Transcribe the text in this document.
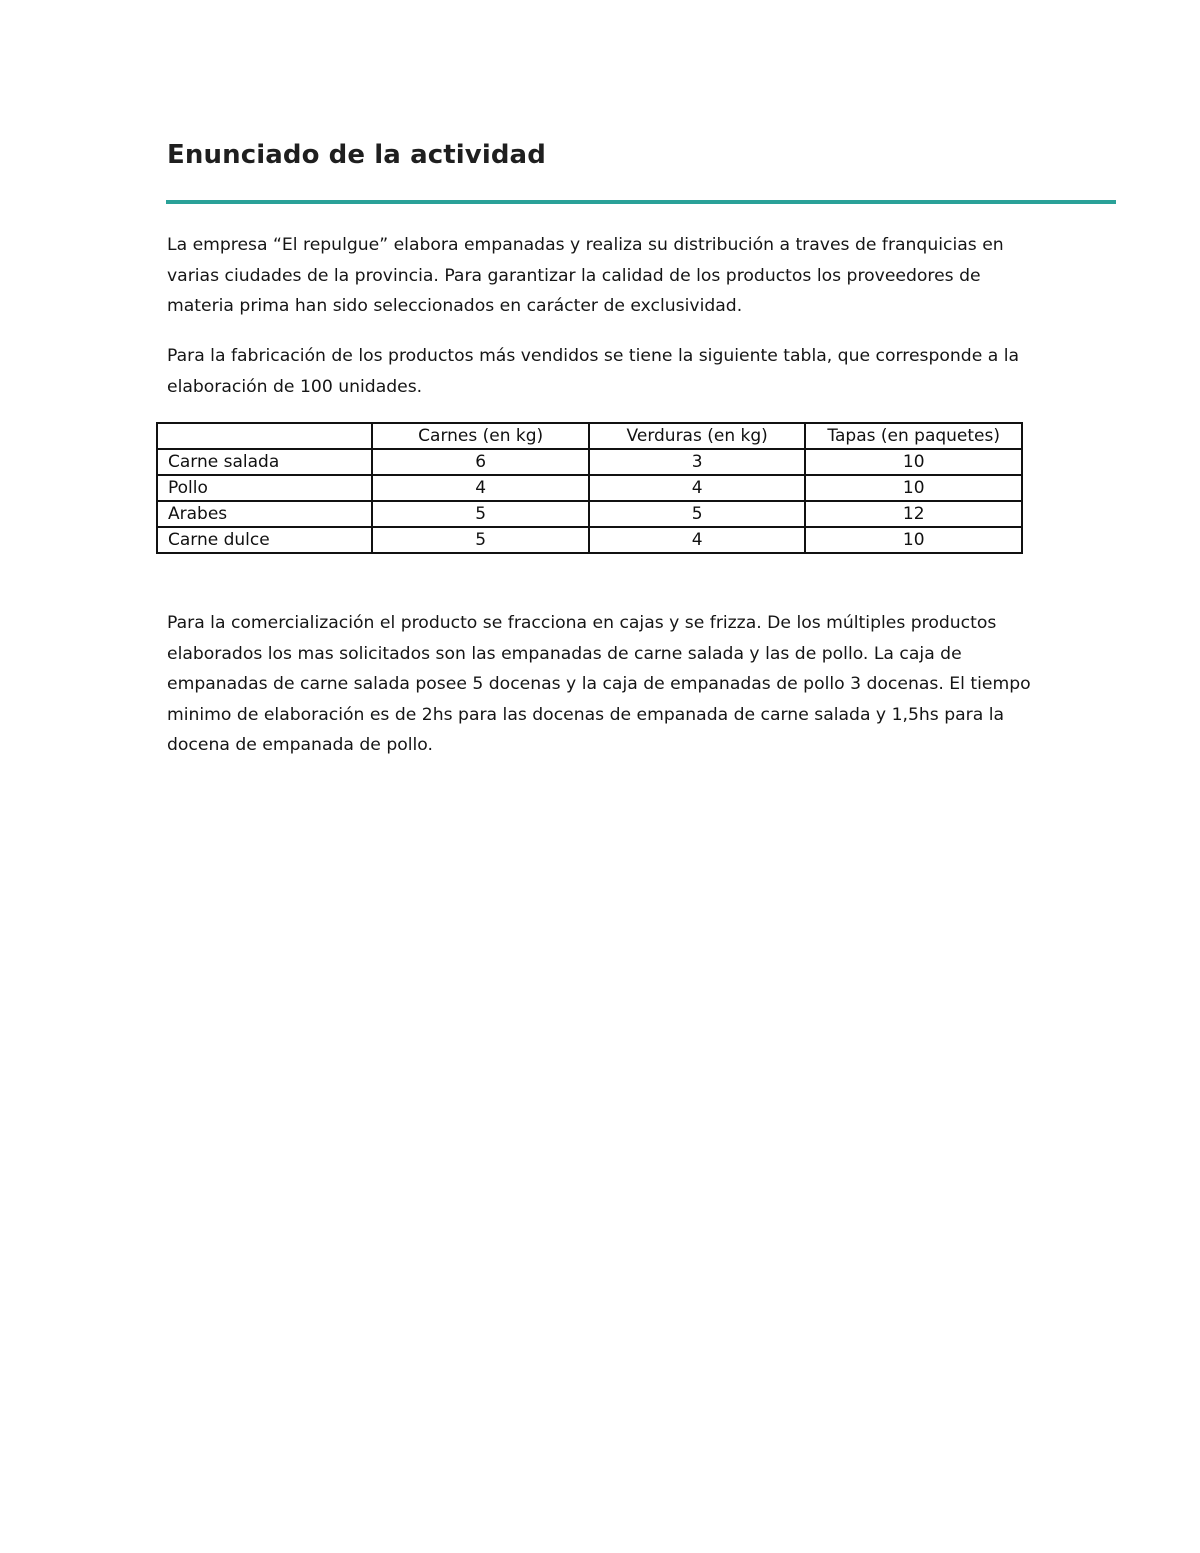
Enunciado de la actividad

La empresa “El repulgue” elabora empanadas y realiza su distribución a traves de franquicias en varias ciudades de la provincia. Para garantizar la calidad de los productos los proveedores de materia prima han sido seleccionados en carácter de exclusividad.

Para la fabricación de los productos más vendidos se tiene la siguiente tabla, que corresponde a la elaboración de 100 unidades.

	Carnes (en kg)	Verduras (en kg)	Tapas (en paquetes)
Carne salada	6	3	10
Pollo	4	4	10
Arabes	5	5	12
Carne dulce	5	4	10

Para la comercialización el producto se fracciona en cajas y se frizza. De los múltiples productos elaborados los mas solicitados son las empanadas de carne salada y las de pollo. La caja de empanadas de carne salada posee 5 docenas y la caja de empanadas de pollo 3 docenas. El tiempo minimo de elaboración es de 2hs para las docenas de empanada de carne salada y 1,5hs para la docena de empanada de pollo.
